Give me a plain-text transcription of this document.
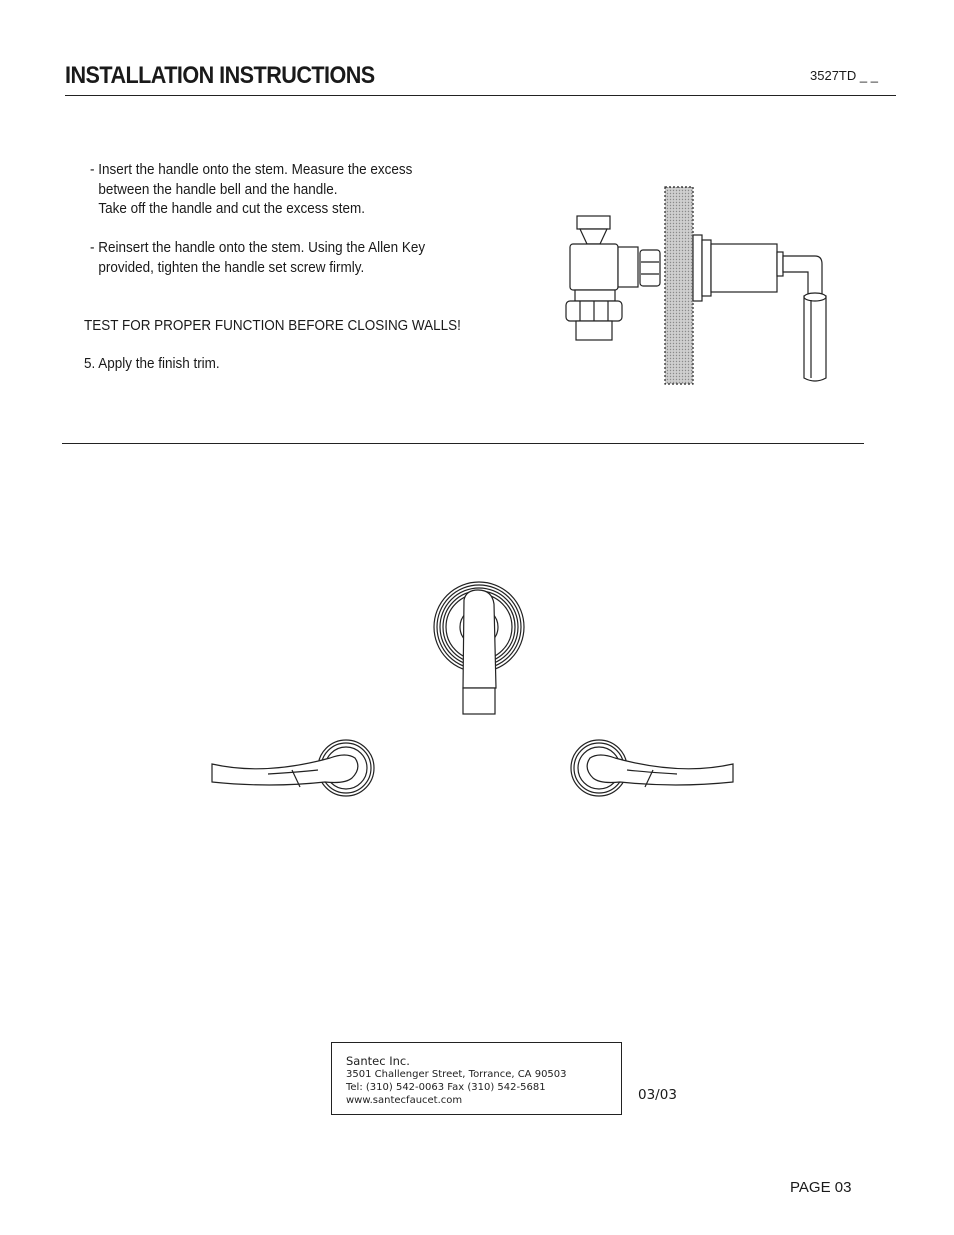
INSTALLATION INSTRUCTIONS	3527TD _ _
- Insert the handle onto the stem. Measure the excess
between the handle bell and the handle.
Take off the handle and cut the excess stem.
- Reinsert the handle onto the stem. Using the Allen Key
provided, tighten the handle set screw firmly.
TEST FOR PROPER FUNCTION BEFORE CLOSING WALLS!
5. Apply the finish trim.
Santec Inc.
3501 Challenger Street, Torrance, CA 90503
Tel: (310) 542-0063 Fax (310) 542-5681
www.santecfaucet.com	03/03
PAGE 03
